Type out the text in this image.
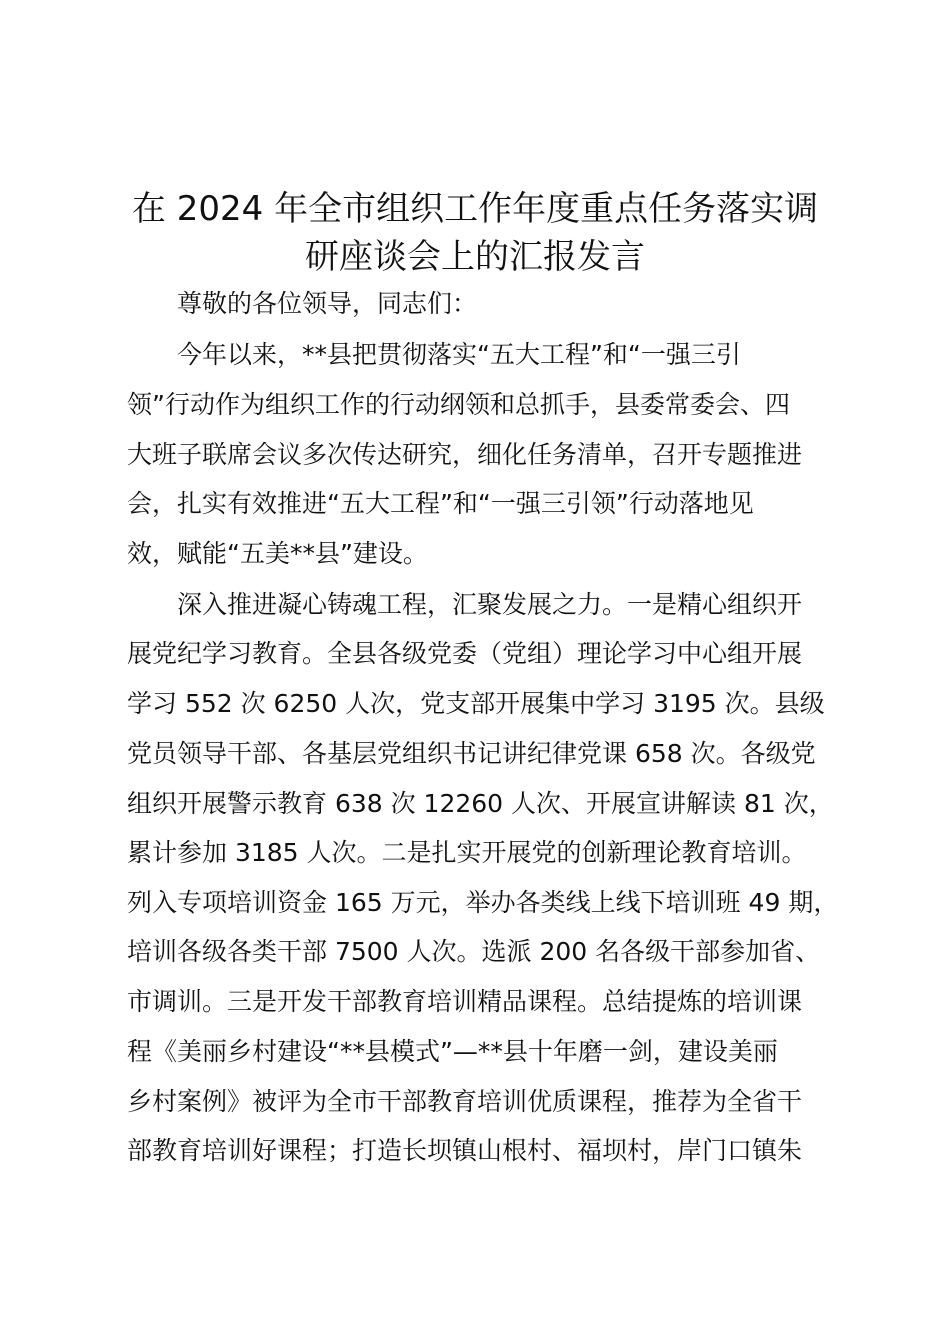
在 2024 年全市组织工作年度重点任务落实调
研座谈会上的汇报发言
尊敬的各位领导，同志们：
今年以来，**县把贯彻落实“五大工程”和“一强三引
领”行动作为组织工作的行动纲领和总抓手，县委常委会、四
大班子联席会议多次传达研究，细化任务清单，召开专题推进
会，扎实有效推进“五大工程”和“一强三引领”行动落地见
效，赋能“五美**县”建设。
深入推进凝心铸魂工程，汇聚发展之力。一是精心组织开
展党纪学习教育。全县各级党委（党组）理论学习中心组开展
学习 552 次 6250 人次，党支部开展集中学习 3195 次。县级
党员领导干部、各基层党组织书记讲纪律党课 658 次。各级党
组织开展警示教育 638 次 12260 人次、开展宣讲解读 81 次，
累计参加 3185 人次。二是扎实开展党的创新理论教育培训。
列入专项培训资金 165 万元，举办各类线上线下培训班 49 期，
培训各级各类干部 7500 人次。选派 200 名各级干部参加省、
市调训。三是开发干部教育培训精品课程。总结提炼的培训课
程《美丽乡村建设“**县模式”—**县十年磨一剑，建设美丽
乡村案例》被评为全市干部教育培训优质课程，推荐为全省干
部教育培训好课程；打造长坝镇山根村、福坝村，岸门口镇朱
